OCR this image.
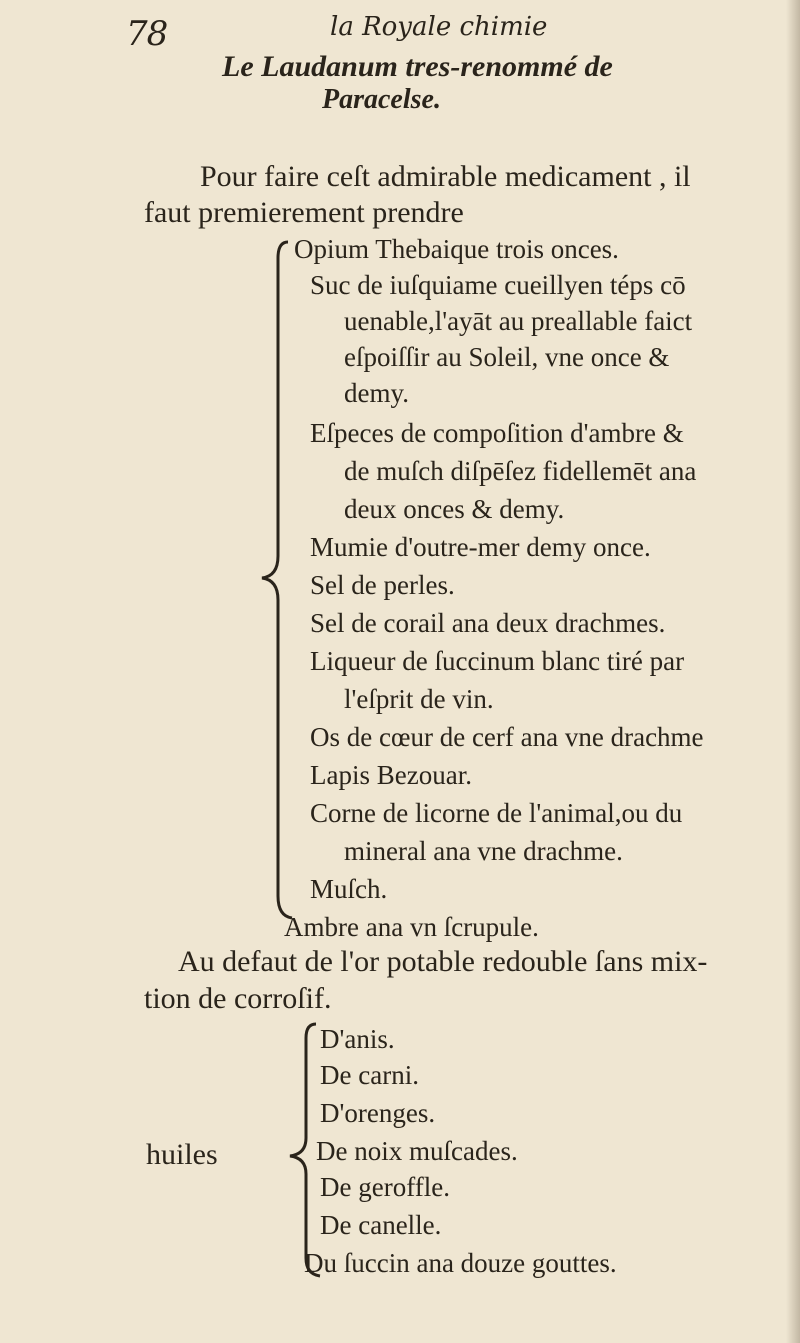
78	la Royale chimie
Le Laudanum tres-renommé de
Paracelse.
Pour faire ceſt admirable medicament , il
faut premierement prendre
Opium Thebaique trois onces.
Suc de iuſquiame cueillyen téps cō
uenable,l'ayāt au preallable faict
eſpoiſſir au Soleil, vne once &
demy.
Eſpeces de compoſition d'ambre &
de muſch diſpēſez fidellemēt ana
deux onces & demy.
Mumie d'outre-mer demy once.
Sel de perles.
Sel de corail ana deux drachmes.
Liqueur de ſuccinum blanc tiré par
l'eſprit de vin.
Os de cœur de cerf ana vne drachme
Lapis Bezouar.
Corne de licorne de l'animal,ou du
mineral ana vne drachme.
Muſch.
Ambre ana vn ſcrupule.
Au defaut de l'or potable redouble ſans mix-
tion de corroſif.
huiles
D'anis.
De carni.
D'orenges.
De noix muſcades.
De geroffle.
De canelle.
Du ſuccin ana douze gouttes.
